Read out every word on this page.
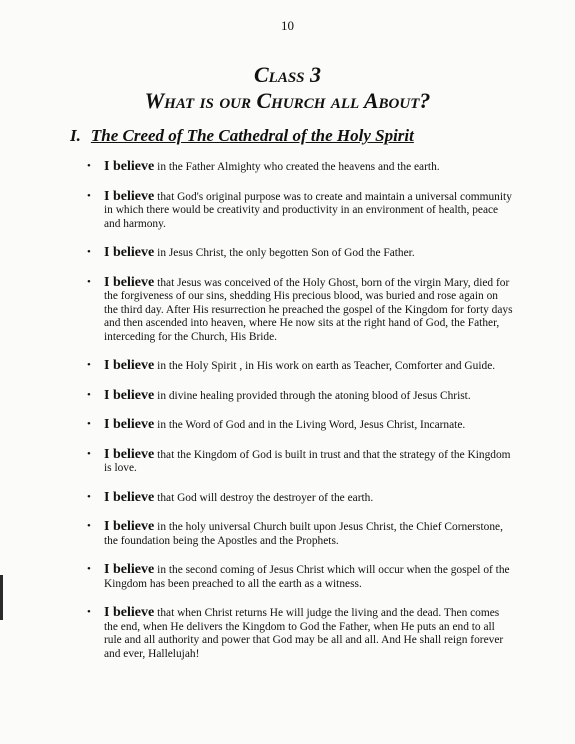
10
Class 3
What is our Church all About?
I. The Creed of The Cathedral of the Holy Spirit
• I believe in the Father Almighty who created the heavens and the earth.
• I believe that God's original purpose was to create and maintain a universal community in which there would be creativity and productivity in an environment of health, peace and harmony.
• I believe in Jesus Christ, the only begotten Son of God the Father.
• I believe that Jesus was conceived of the Holy Ghost, born of the virgin Mary, died for the forgiveness of our sins, shedding His precious blood, was buried and rose again on the third day. After His resurrection he preached the gospel of the Kingdom for forty days and then ascended into heaven, where He now sits at the right hand of God, the Father, interceding for the Church, His Bride.
• I believe in the Holy Spirit , in His work on earth as Teacher, Comforter and Guide.
• I believe in divine healing provided through the atoning blood of Jesus Christ.
• I believe in the Word of God and in the Living Word, Jesus Christ, Incarnate.
• I believe that the Kingdom of God is built in trust and that the strategy of the Kingdom is love.
• I believe that God will destroy the destroyer of the earth.
• I believe in the holy universal Church built upon Jesus Christ, the Chief Cornerstone, the foundation being the Apostles and the Prophets.
• I believe in the second coming of Jesus Christ which will occur when the gospel of the Kingdom has been preached to all the earth as a witness.
• I believe that when Christ returns He will judge the living and the dead. Then comes the end, when He delivers the Kingdom to God the Father, when He puts an end to all rule and all authority and power that God may be all and all. And He shall reign forever and ever, Hallelujah!
